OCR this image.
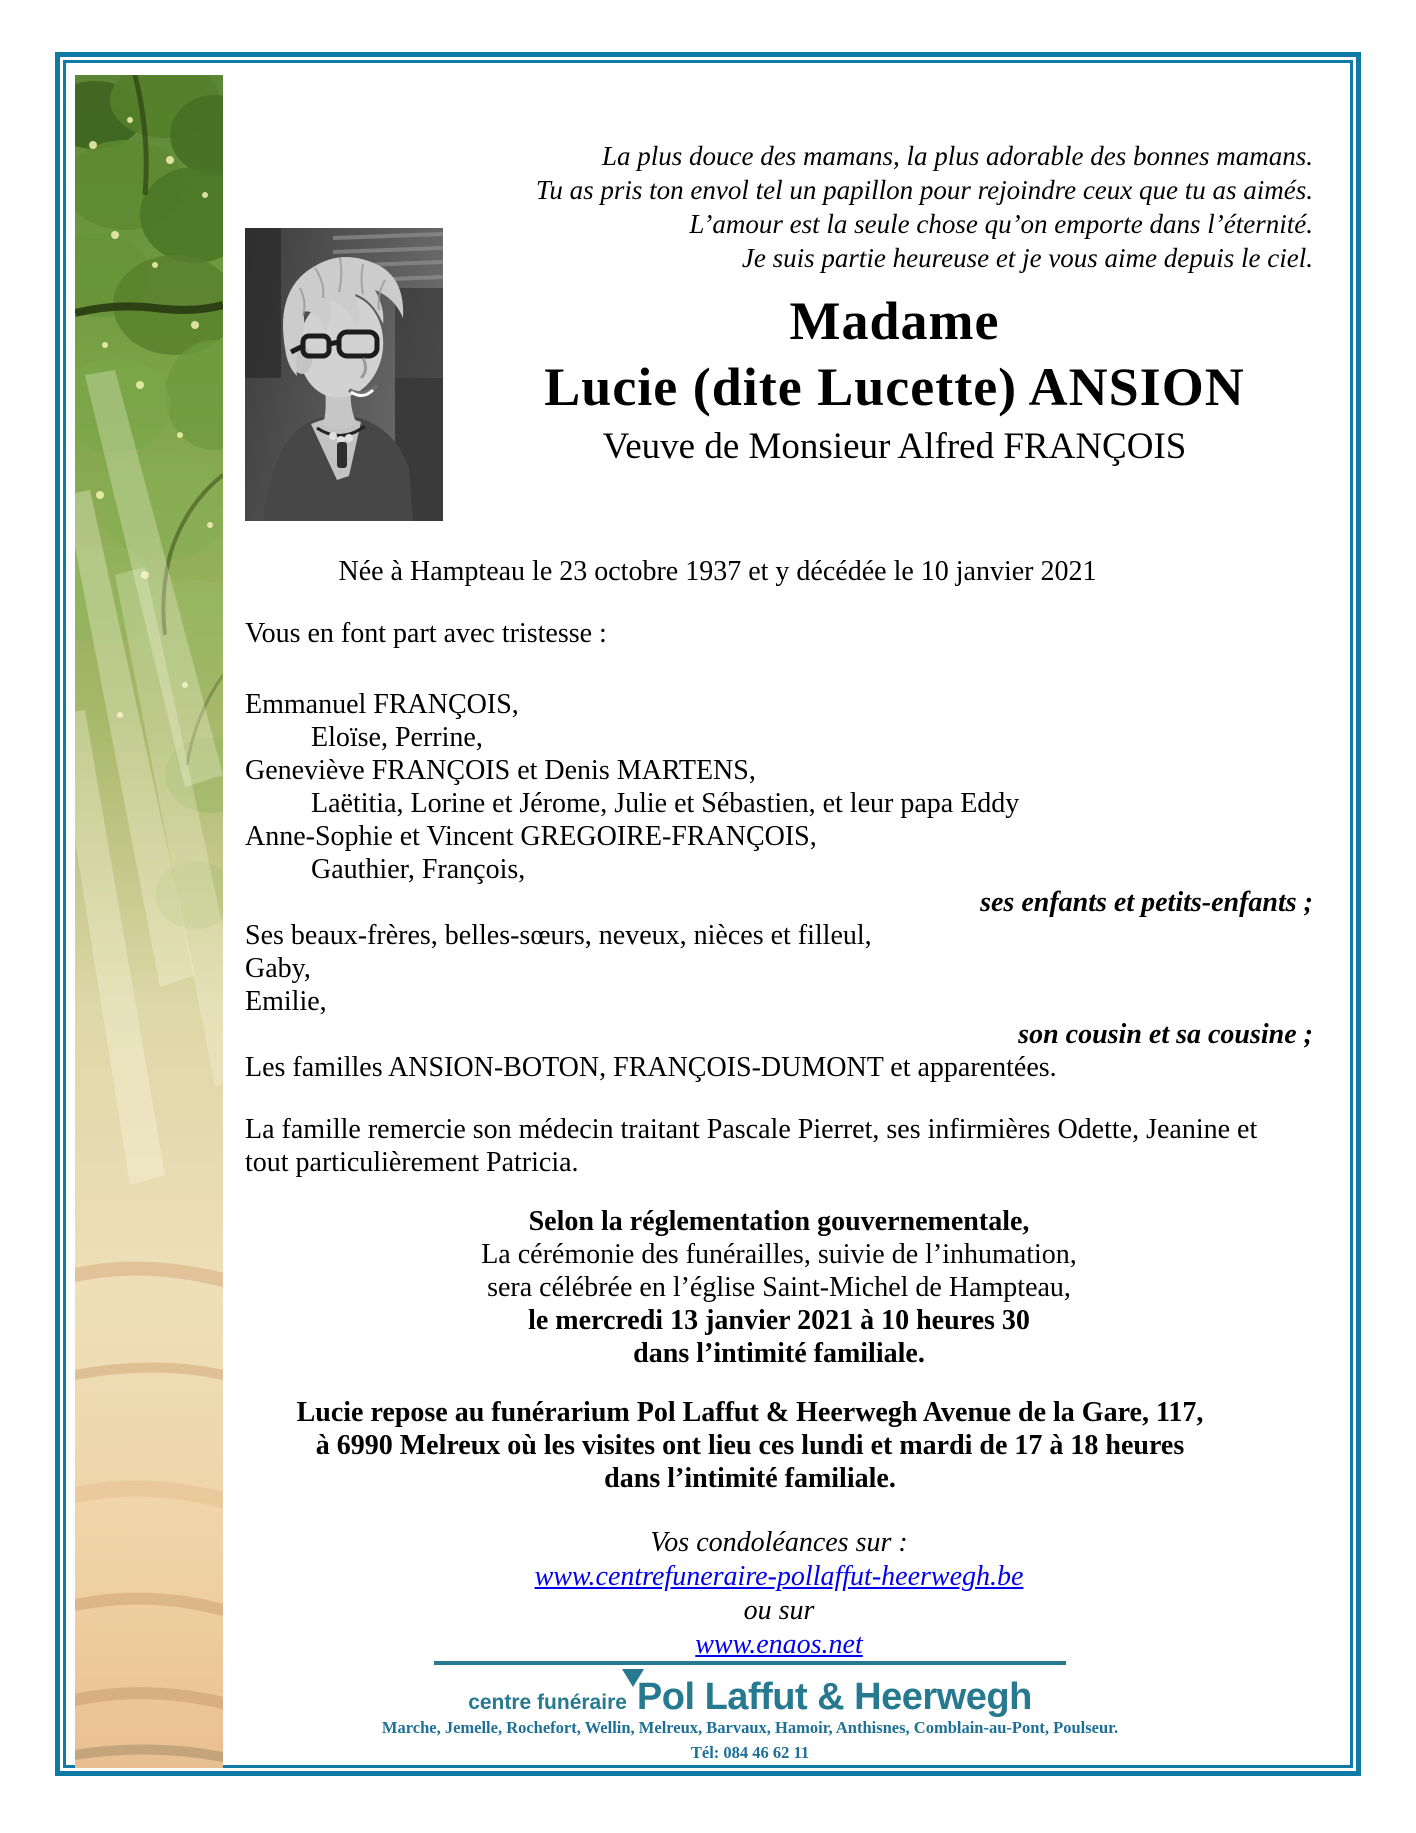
La plus douce des mamans, la plus adorable des bonnes mamans.
Tu as pris ton envol tel un papillon pour rejoindre ceux que tu as aimés.
L’amour est la seule chose qu’on emporte dans l’éternité.
Je suis partie heureuse et je vous aime depuis le ciel.
Madame
Lucie (dite Lucette) ANSION
Veuve de Monsieur Alfred FRANÇOIS
Née à Hampteau le 23 octobre 1937 et y décédée le 10 janvier 2021
Vous en font part avec tristesse :
Emmanuel FRANÇOIS,
Eloïse, Perrine,
Geneviève FRANÇOIS et Denis MARTENS,
Laëtitia, Lorine et Jérome, Julie et Sébastien, et leur papa Eddy
Anne-Sophie et Vincent GREGOIRE-FRANÇOIS,
Gauthier, François,
ses enfants et petits-enfants ;
Ses beaux-frères, belles-sœurs, neveux, nièces et filleul,
Gaby,
Emilie,
son cousin et sa cousine ;
Les familles ANSION-BOTON, FRANÇOIS-DUMONT et apparentées.
La famille remercie son médecin traitant Pascale Pierret, ses infirmières Odette, Jeanine et
tout particulièrement Patricia.
Selon la réglementation gouvernementale,
La cérémonie des funérailles, suivie de l’inhumation,
sera célébrée en l’église Saint-Michel de Hampteau,
le mercredi 13 janvier 2021 à 10 heures 30
dans l’intimité familiale.
Lucie repose au funérarium Pol Laffut & Heerwegh Avenue de la Gare, 117,
à 6990 Melreux où les visites ont lieu ces lundi et mardi de 17 à 18 heures
dans l’intimité familiale.
Vos condoléances sur :
www.centrefuneraire-pollaffut-heerwegh.be
ou sur
www.enaos.net
centre funéraire Pol Laffut & Heerwegh
Marche, Jemelle, Rochefort, Wellin, Melreux, Barvaux, Hamoir, Anthisnes, Comblain-au-Pont, Poulseur.
Tél: 084 46 62 11
